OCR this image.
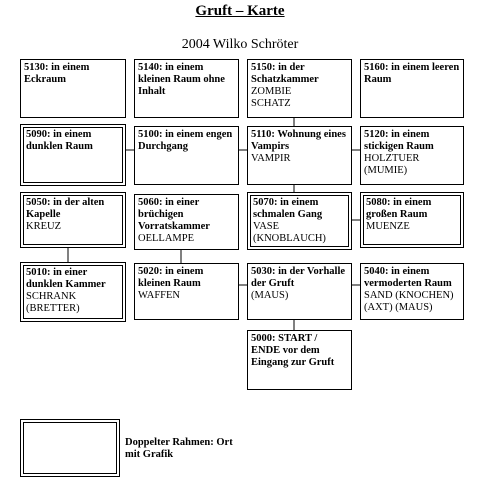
Gruft – Karte
2004 Wilko Schröter
5130: in einem Eckraum
5140: in einem kleinen Raum ohne Inhalt
5150: in der Schatzkammer
ZOMBIE
SCHATZ
5160: in einem leeren Raum
5090: in einem dunklen Raum
5100: in einem engen Durchgang
5110: Wohnung eines Vampirs
VAMPIR
5120: in einem stickigen Raum
HOLZTUER
(MUMIE)
5050: in der alten Kapelle
KREUZ
5060: in einer brüchigen Vorratskammer
OELLAMPE
5070: in einem schmalen Gang
VASE
(KNOBLAUCH)
5080: in einem großen Raum
MUENZE
5010: in einer dunklen Kammer
SCHRANK
(BRETTER)
5020: in einem kleinen Raum
WAFFEN
5030: in der Vorhalle der Gruft
(MAUS)
5040: in einem vermoderten Raum
SAND (KNOCHEN)
(AXT) (MAUS)
5000: START / ENDE vor dem Eingang zur Gruft
Doppelter Rahmen: Ort mit Grafik
